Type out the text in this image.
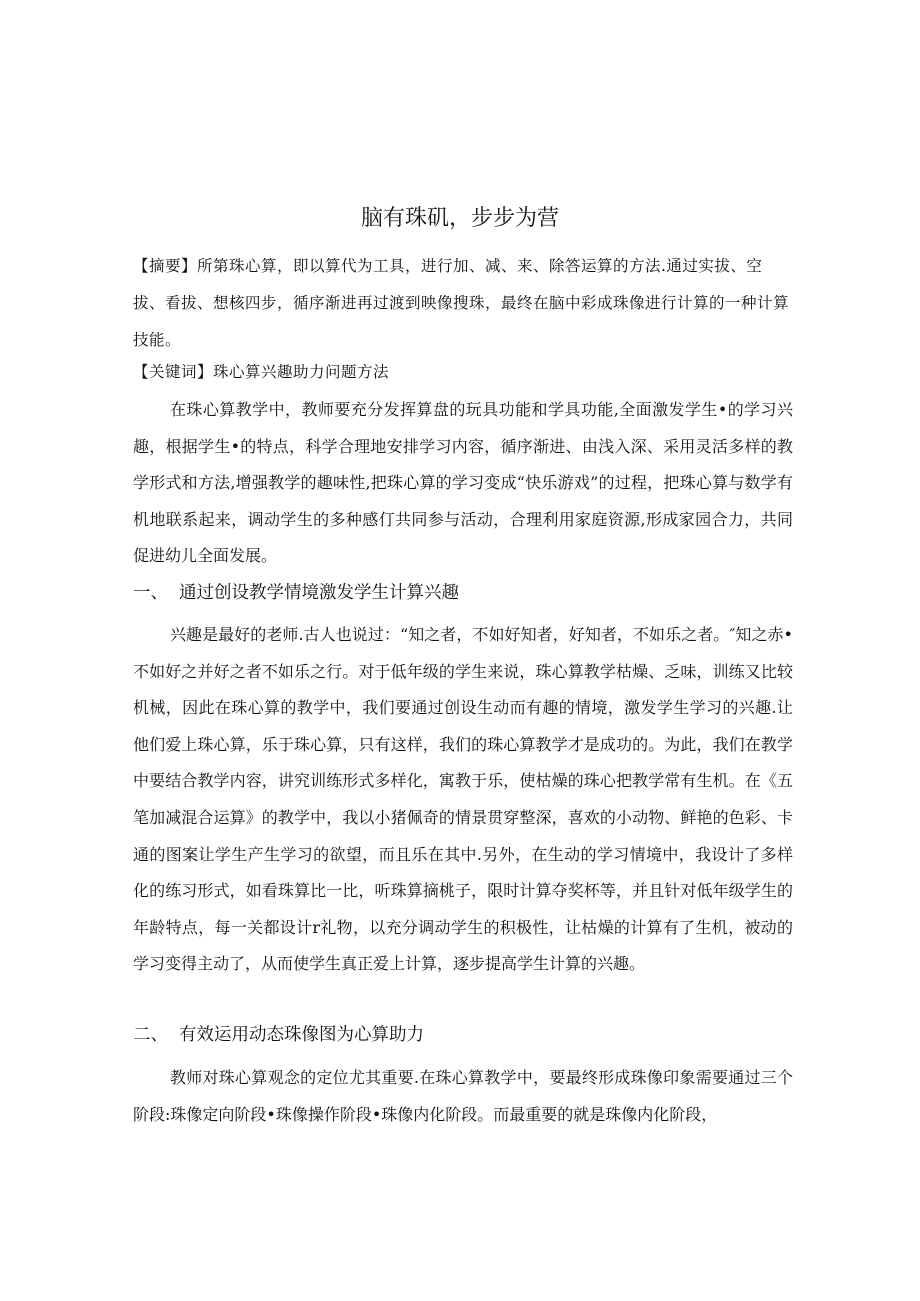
脑有珠矶，步步为营
【摘要】所第珠心算，即以算代为工具，进行加、减、来、除答运算的方法.通过实拔、空拔、看拔、想核四步，循序渐进再过渡到映像搜珠，最终在脑中彩成珠像进行计算的一种计算技能。
【关键词】珠心算兴趣助力问题方法
在珠心算教学中，教师要充分发挥算盘的玩具功能和学具功能,全面激发学生•的学习兴趣，根据学生•的特点，科学合理地安排学习内容，循序渐进、由浅入深、采用灵活多样的教学形式和方法,增强教学的趣味性,把珠心算的学习变成“快乐游戏”的过程，把珠心算与数学有机地联系起来，调动学生的多种感仃共同参与活动，合理利用家庭资源,形成家园合力，共同促进幼儿全面发展。
一、 通过创设教学情境激发学生计算兴趣
兴趣是最好的老师.古人也说过：“知之者，不如好知者，好知者，不如乐之者。″知之赤•不如好之并好之者不如乐之行。对于低年级的学生来说，珠心算教学枯燥、乏味，训练又比较机械，因此在珠心算的教学中，我们要通过创设生动而有趣的情境，激发学生学习的兴趣.让他们爱上珠心算，乐于珠心算，只有这样，我们的珠心算教学才是成功的。为此，我们在教学中要结合教学内容，讲究训练形式多样化，寓教于乐，使枯燥的珠心把教学常有生机。在《五笔加减混合运算》的教学中，我以小猪佩奇的情景贯穿整深，喜欢的小动物、鲜艳的色彩、卡通的图案让学生产生学习的欲望，而且乐在其中.另外，在生动的学习情境中，我设计了多样化的练习形式，如看珠算比一比，听珠算摘桃子，限时计算夺奖杯等，并且针对低年级学生的年龄特点，每一关都设计r礼物，以充分调动学生的积极性，让枯燥的计算有了生机，被动的学习变得主动了，从而使学生真正爱上计算，逐步提高学生计算的兴趣。
二、 有效运用动态珠像图为心算助力
教师对珠心算观念的定位尤其重要.在珠心算教学中，要最终形成珠像印象需要通过三个阶段:珠像定向阶段•珠像操作阶段•珠像内化阶段。而最重要的就是珠像内化阶段，
